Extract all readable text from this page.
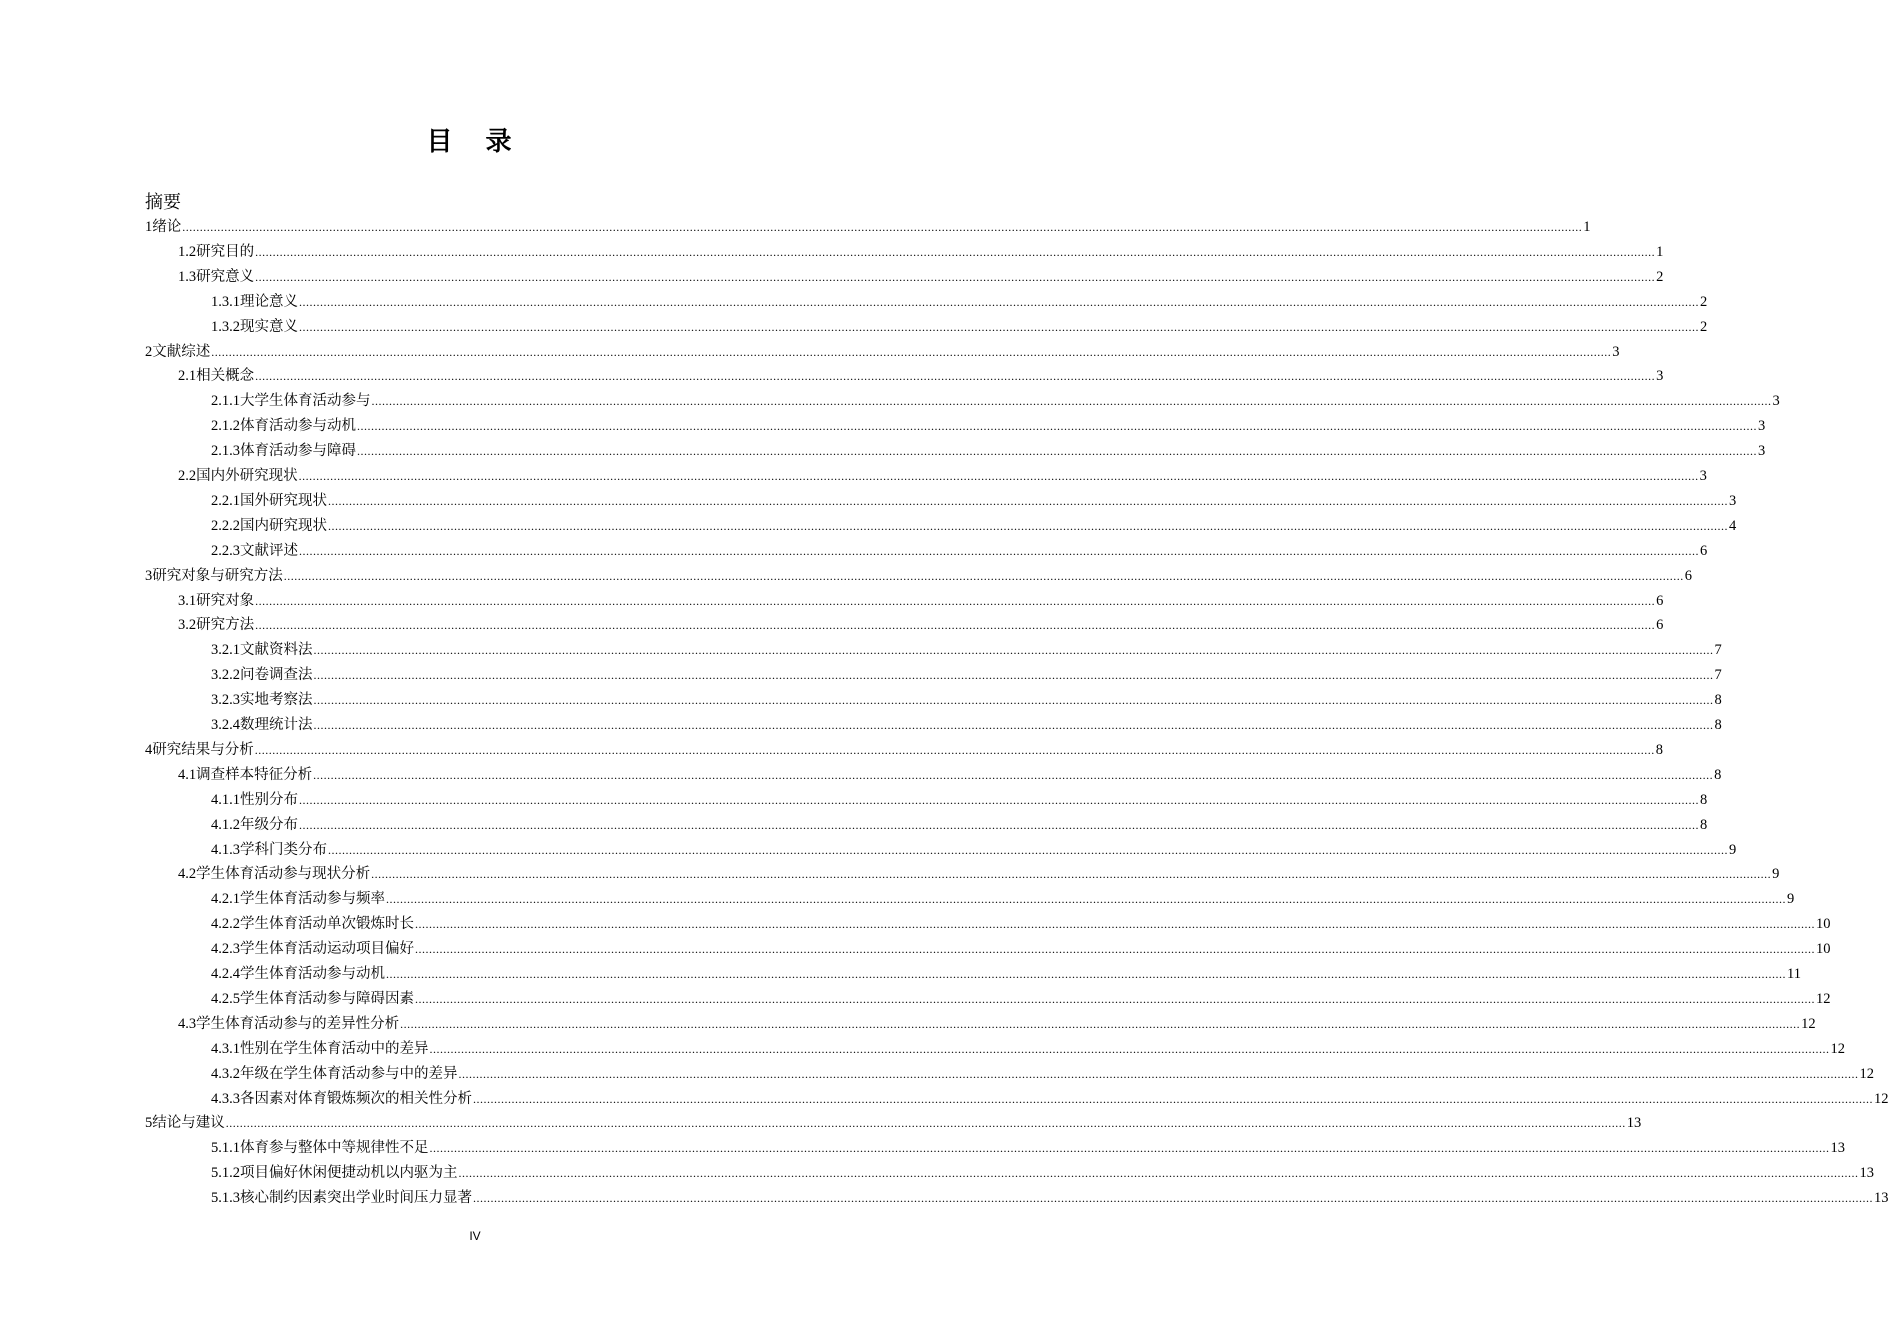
目 录
摘要
1 绪论 ................................................................................................................................................................................................................................................................................................................................................................................................................ 1
1.2 研究目的 ................................................................................................................................................................................................................................................................................................................................................................................................................ 1
1.3 研究意义 ................................................................................................................................................................................................................................................................................................................................................................................................................ 2
1.3.1 理论意义 ................................................................................................................................................................................................................................................................................................................................................................................................................ 2
1.3.2 现实意义 ................................................................................................................................................................................................................................................................................................................................................................................................................ 2
2 文献综述 ................................................................................................................................................................................................................................................................................................................................................................................................................ 3
2.1 相关概念 ................................................................................................................................................................................................................................................................................................................................................................................................................ 3
2.1.1 大学生体育活动参与 ................................................................................................................................................................................................................................................................................................................................................................................................................ 3
2.1.2 体育活动参与动机 ................................................................................................................................................................................................................................................................................................................................................................................................................ 3
2.1.3 体育活动参与障碍 ................................................................................................................................................................................................................................................................................................................................................................................................................ 3
2.2 国内外研究现状 ................................................................................................................................................................................................................................................................................................................................................................................................................ 3
2.2.1 国外研究现状 ................................................................................................................................................................................................................................................................................................................................................................................................................ 3
2.2.2 国内研究现状 ................................................................................................................................................................................................................................................................................................................................................................................................................ 4
2.2.3 文献评述 ................................................................................................................................................................................................................................................................................................................................................................................................................ 6
3 研究对象与研究方法 ................................................................................................................................................................................................................................................................................................................................................................................................................ 6
3.1 研究对象 ................................................................................................................................................................................................................................................................................................................................................................................................................ 6
3.2 研究方法 ................................................................................................................................................................................................................................................................................................................................................................................................................ 6
3.2.1 文献资料法 ................................................................................................................................................................................................................................................................................................................................................................................................................ 7
3.2.2 问卷调查法 ................................................................................................................................................................................................................................................................................................................................................................................................................ 7
3.2.3 实地考察法 ................................................................................................................................................................................................................................................................................................................................................................................................................ 8
3.2.4 数理统计法 ................................................................................................................................................................................................................................................................................................................................................................................................................ 8
4 研究结果与分析 ................................................................................................................................................................................................................................................................................................................................................................................................................ 8
4.1 调查样本特征分析 ................................................................................................................................................................................................................................................................................................................................................................................................................ 8
4.1.1 性别分布 ................................................................................................................................................................................................................................................................................................................................................................................................................ 8
4.1.2 年级分布 ................................................................................................................................................................................................................................................................................................................................................................................................................ 8
4.1.3 学科门类分布 ................................................................................................................................................................................................................................................................................................................................................................................................................ 9
4.2 学生体育活动参与现状分析 ................................................................................................................................................................................................................................................................................................................................................................................................................ 9
4.2.1 学生体育活动参与频率 ................................................................................................................................................................................................................................................................................................................................................................................................................ 9
4.2.2 学生体育活动单次锻炼时长 ................................................................................................................................................................................................................................................................................................................................................................................................................ 10
4.2.3 学生体育活动运动项目偏好 ................................................................................................................................................................................................................................................................................................................................................................................................................ 10
4.2.4 学生体育活动参与动机 ................................................................................................................................................................................................................................................................................................................................................................................................................ 11
4.2.5 学生体育活动参与障碍因素 ................................................................................................................................................................................................................................................................................................................................................................................................................ 12
4.3 学生体育活动参与的差异性分析 ................................................................................................................................................................................................................................................................................................................................................................................................................ 12
4.3.1 性别在学生体育活动中的差异 ................................................................................................................................................................................................................................................................................................................................................................................................................ 12
4.3.2 年级在学生体育活动参与中的差异 ................................................................................................................................................................................................................................................................................................................................................................................................................ 12
4.3.3 各因素对体育锻炼频次的相关性分析 ................................................................................................................................................................................................................................................................................................................................................................................................................ 12
5 结论与建议 ................................................................................................................................................................................................................................................................................................................................................................................................................ 13
5.1.1 体育参与整体中等规律性不足 ................................................................................................................................................................................................................................................................................................................................................................................................................ 13
5.1.2 项目偏好休闲便捷动机以内驱为主 ................................................................................................................................................................................................................................................................................................................................................................................................................ 13
5.1.3 核心制约因素突出学业时间压力显著 ................................................................................................................................................................................................................................................................................................................................................................................................................ 13
IV
